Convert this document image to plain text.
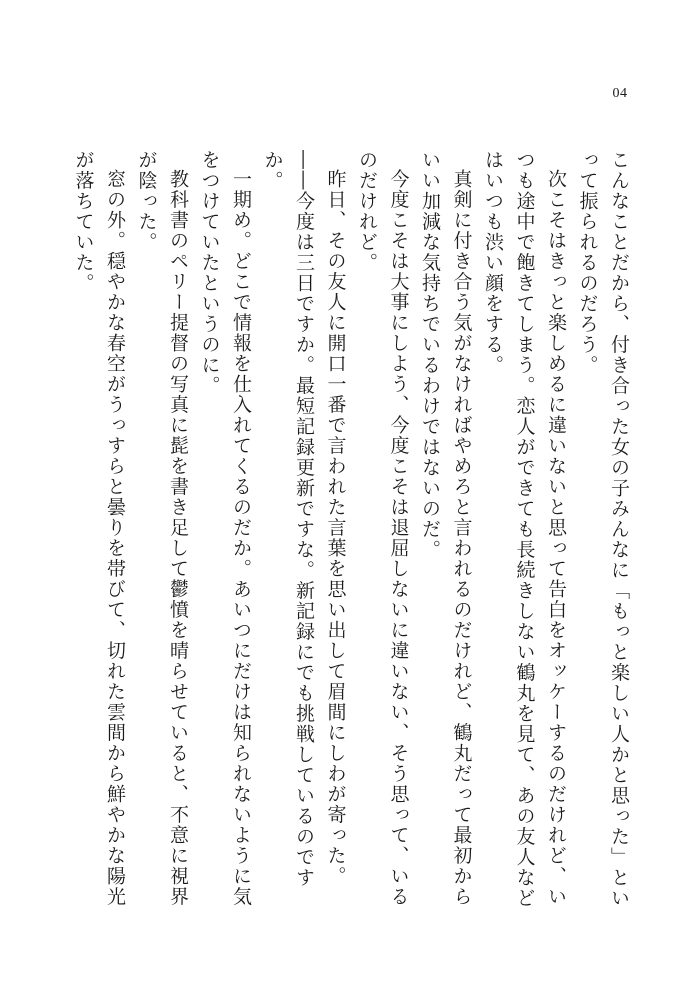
04

こんなことだから、付き合った女の子みんなに「もっと楽しい人かと思った」といって振られるのだろう。

次こそはきっと楽しめるに違いないと思って告白をオッケーするのだけれど、いつも途中で飽きてしまう。恋人ができても長続きしない鶴丸を見て、あの友人などはいつも渋い顔をする。

真剣に付き合う気がなければやめろと言われるのだけれど、鶴丸だって最初からいい加減な気持ちでいるわけではないのだ。

今度こそは大事にしよう、今度こそは退屈しないに違いない、そう思って、いるのだけれど。

昨日、その友人に開口一番で言われた言葉を思い出して眉間にしわが寄った。

――今度は三日ですか。最短記録更新ですな。新記録にでも挑戦しているのですか。

一期め。どこで情報を仕入れてくるのだか。あいつにだけは知られないように気をつけていたというのに。

教科書のペリー提督の写真に髭を書き足して鬱憤を晴らせていると、不意に視界が陰った。

窓の外。穏やかな春空がうっすらと曇りを帯びて、切れた雲間から鮮やかな陽光が落ちていた。
